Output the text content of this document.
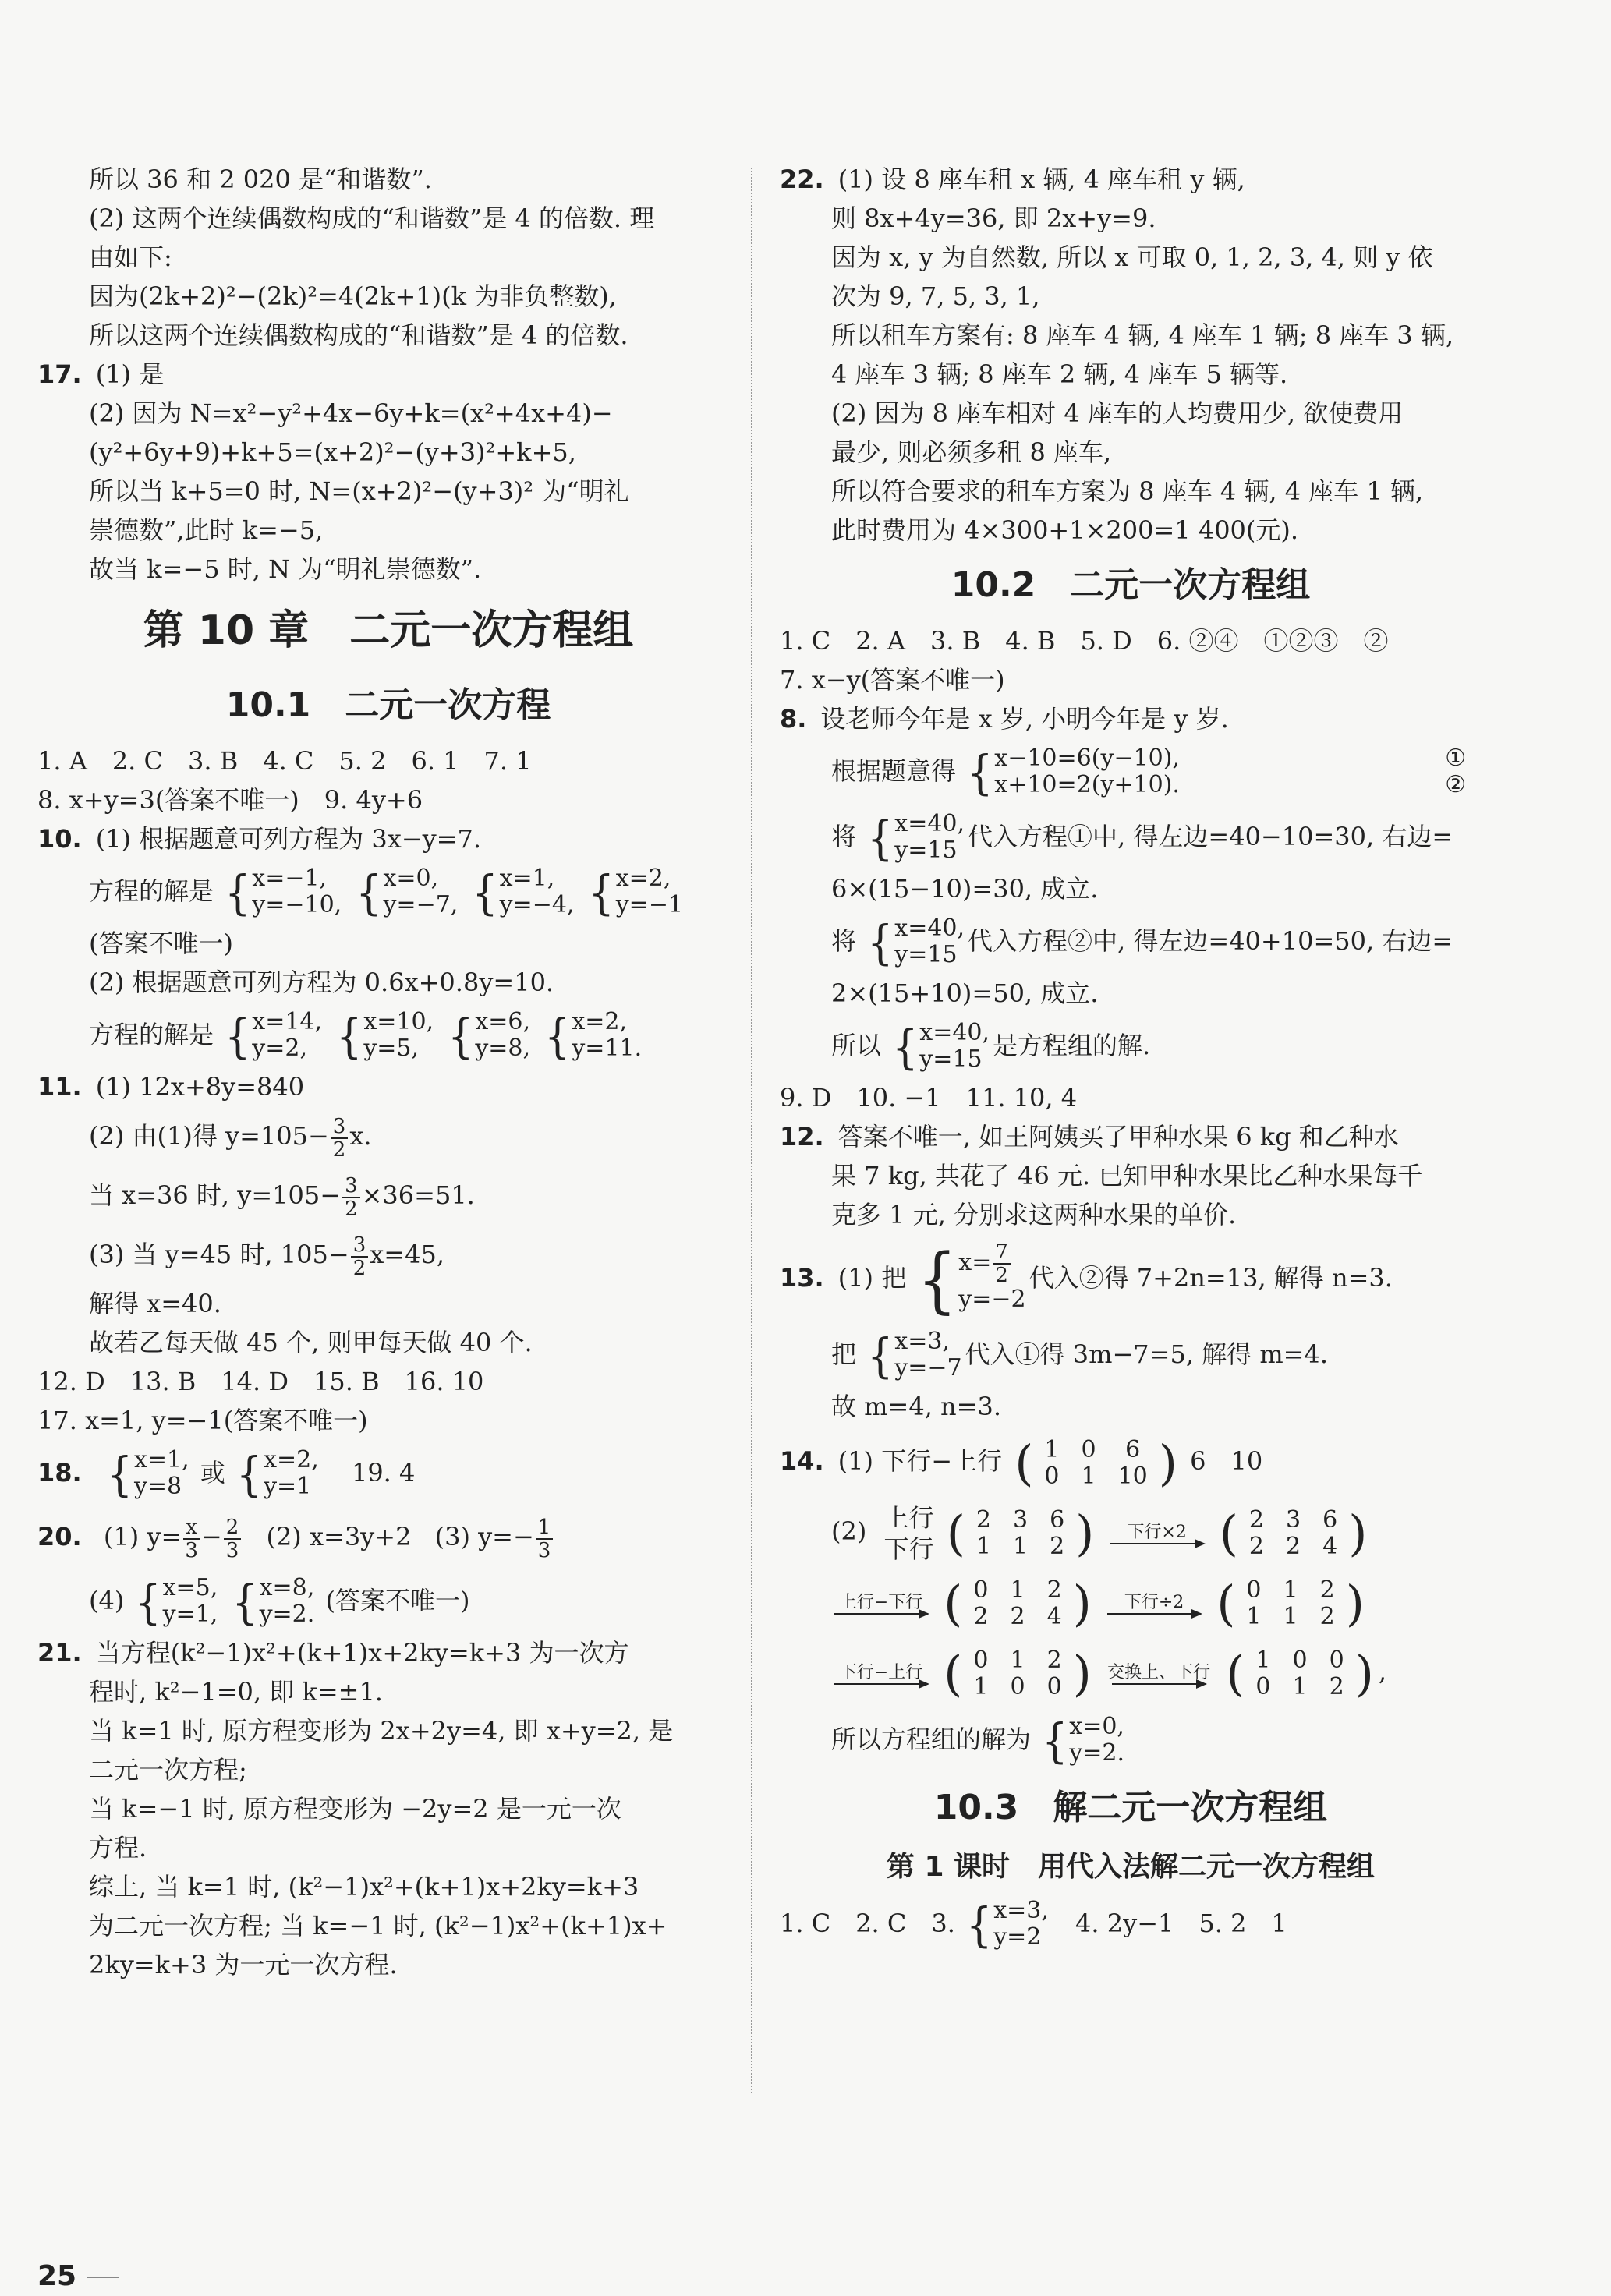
所以 36 和 2 020 是“和谐数”.
(2) 这两个连续偶数构成的“和谐数”是 4 的倍数. 理
由如下:
因为(2k+2)²−(2k)²=4(2k+1)(k 为非负整数),
所以这两个连续偶数构成的“和谐数”是 4 的倍数.
17. (1) 是
(2) 因为 N=x²−y²+4x−6y+k=(x²+4x+4)−
(y²+6y+9)+k+5=(x+2)²−(y+3)²+k+5,
所以当 k+5=0 时, N=(x+2)²−(y+3)² 为“明礼
崇德数”,此时 k=−5,
故当 k=−5 时, N 为“明礼崇德数”.
第 10 章　二元一次方程组
10.1　二元一次方程
1. A　2. C　3. B　4. C　5. 2　6. 1　7. 1
8. x+y=3(答案不唯一)　9. 4y+6
10. (1) 根据题意可列方程为 3x−y=7.
方程的解是 { x=−1,
y=−10,
{ x=0,
y=−7,
{ x=1,
y=−4,
{ x=2,
y=−1
(答案不唯一)
(2) 根据题意可列方程为 0.6x+0.8y=10.
方程的解是 { x=14,
y=2,
{ x=10,
y=5,
{ x=6,
y=8,
{ x=2,
y=11.
11. (1) 12x+8y=840
(2) 由(1)得 $y=105- \frac{3}{2} x$.
当 x=36 时, $y=105- \frac{3}{2} \times 36=51$.
(3) 当 y=45 时, $105- \frac{3}{2} x=45$,
解得 x=40.
故若乙每天做 45 个, 则甲每天做 40 个.
12. D　13. B　14. D　15. B　16. 10
17. x=1, y=−1(答案不唯一)
18. { x=1,
y=8 或 { x=2,
y=1 19. 4
20. (1) $y= \frac{x}{3} - \frac{2}{3} (2)$ x=3y+2 (3) $y=- \frac{1}{3}$
(4) { x=5,
y=1,
{ x=8,
y=2. (答案不唯一)
21. 当方程(k²−1)x²+(k+1)x+2ky=k+3 为一次方
程时, k²−1=0, 即 k=±1.
当 k=1 时, 原方程变形为 2x+2y=4, 即 x+y=2, 是
二元一次方程;
当 k=−1 时, 原方程变形为 −2y=2 是一元一次
方程.
综上, 当 k=1 时, (k²−1)x²+(k+1)x+2ky=k+3
为二元一次方程; 当 k=−1 时, (k²−1)x²+(k+1)x+
2ky=k+3 为一元一次方程.
25
22. (1) 设 8 座车租 x 辆, 4 座车租 y 辆,
则 8x+4y=36, 即 2x+y=9.
因为 x, y 为自然数, 所以 x 可取 0, 1, 2, 3, 4, 则 y 依
次为 9, 7, 5, 3, 1,
所以租车方案有: 8 座车 4 辆, 4 座车 1 辆; 8 座车 3 辆,
4 座车 3 辆; 8 座车 2 辆, 4 座车 5 辆等.
(2) 因为 8 座车相对 4 座车的人均费用少, 欲使费用
最少, 则必须多租 8 座车,
所以符合要求的租车方案为 8 座车 4 辆, 4 座车 1 辆,
此时费用为 4×300+1×200=1 400(元).
10.2　二元一次方程组
1. C　2. A　3. B　4. B　5. D　6. ②④　①②③　②
7. x−y(答案不唯一)
8. 设老师今年是 x 岁, 小明今年是 y 岁.
根据题意得 { x−10=6(y−10),	①
x+10=2(y+10).	②
将 { x=40,
y=15 代入方程①中, 得左边=40−10=30, 右边=
6×(15−10)=30, 成立.
将 { x=40,
y=15 代入方程②中, 得左边=40+10=50, 右边=
2×(15+10)=50, 成立.
所以 { x=40,
y=15 是方程组的解.
9. D　10. −1　11. 10, 4
12. 答案不唯一, 如王阿姨买了甲种水果 6 kg 和乙种水
果 7 kg, 共花了 46 元. 已知甲种水果比乙种水果每千
克多 1 元, 分别求这两种水果的单价.
13. (1) 把 { $x= \frac{7}{2}$
y=−2
代入②得 7+2n=13, 解得 n=3.
把 { x=3,
y=−7 代入①得 3m−7=5, 解得 m=4.
故 m=4, n=3.
14. (1) 下行−上行 ( 1	0	6
0	1	10 ) 6　10
(2) 上行
下行
( 2	3	6
1	1	2 )
下行×2
( 2	3	6
2	2	4 )
上行−下行
( 0	1	2
2	2	4 )
下行÷2
( 0	1	2
1	1	2 )
下行−上行
( 0	1	2
1	0	0 )
交换上、下行
( 1	0	0
0	1	2 ) ,
所以方程组的解为 { x=0,
y=2.
10.3　解二元一次方程组
第 1 课时　用代入法解二元一次方程组
1. C　2. C　3. { x=3,
y=2 4. 2y−1　5. 2　1
